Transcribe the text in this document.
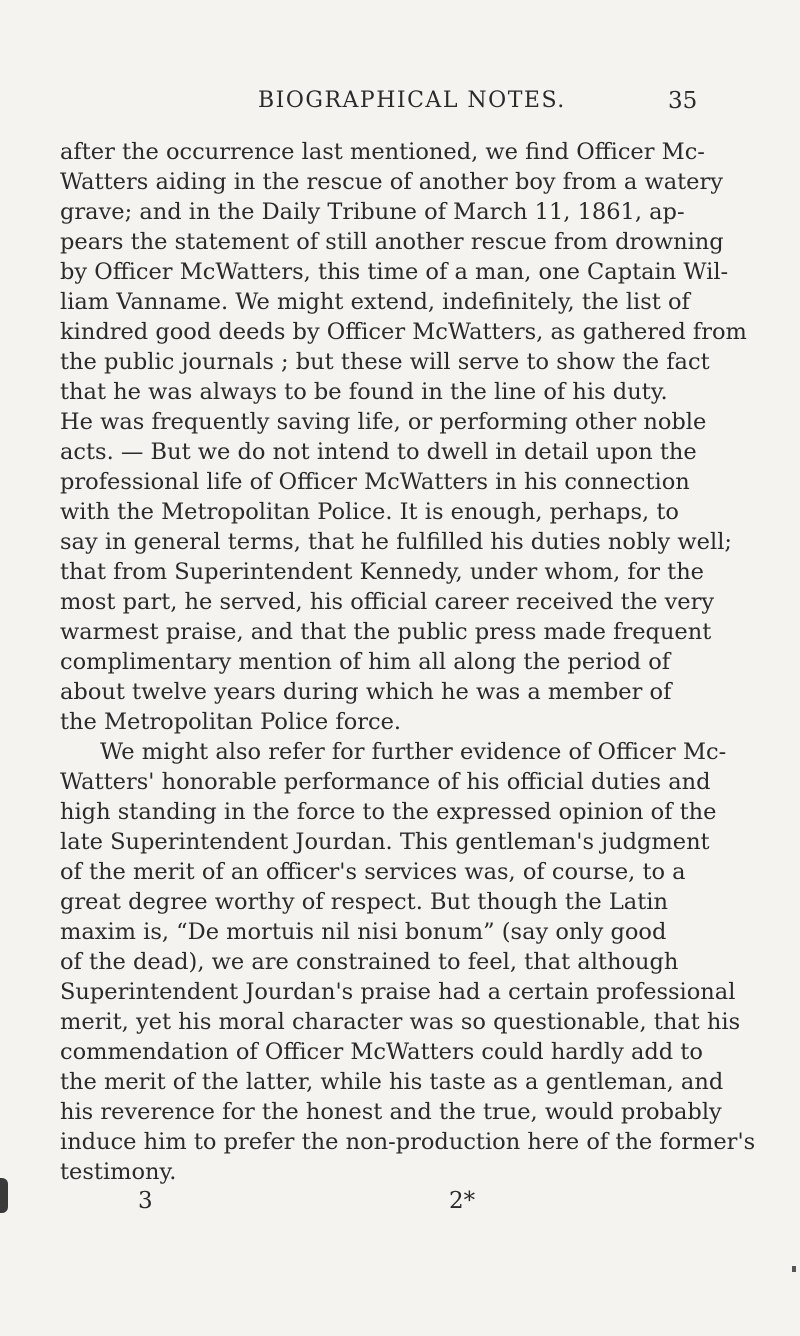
BIOGRAPHICAL NOTES.	35
after the occurrence last mentioned, we find Officer Mc-
Watters aiding in the rescue of another boy from a watery
grave; and in the Daily Tribune of March 11, 1861, ap-
pears the statement of still another rescue from drowning
by Officer McWatters, this time of a man, one Captain Wil-
liam Vanname. We might extend, indefinitely, the list of
kindred good deeds by Officer McWatters, as gathered from
the public journals ; but these will serve to show the fact
that he was always to be found in the line of his duty.
He was frequently saving life, or performing other noble
acts. — But we do not intend to dwell in detail upon the
professional life of Officer McWatters in his connection
with the Metropolitan Police. It is enough, perhaps, to
say in general terms, that he fulfilled his duties nobly well;
that from Superintendent Kennedy, under whom, for the
most part, he served, his official career received the very
warmest praise, and that the public press made frequent
complimentary mention of him all along the period of
about twelve years during which he was a member of
the Metropolitan Police force.
We might also refer for further evidence of Officer Mc-
Watters' honorable performance of his official duties and
high standing in the force to the expressed opinion of the
late Superintendent Jourdan. This gentleman's judgment
of the merit of an officer's services was, of course, to a
great degree worthy of respect. But though the Latin
maxim is, “De mortuis nil nisi bonum” (say only good
of the dead), we are constrained to feel, that although
Superintendent Jourdan's praise had a certain professional
merit, yet his moral character was so questionable, that his
commendation of Officer McWatters could hardly add to
the merit of the latter, while his taste as a gentleman, and
his reverence for the honest and the true, would probably
induce him to prefer the non-production here of the former's
testimony.
3	2*
